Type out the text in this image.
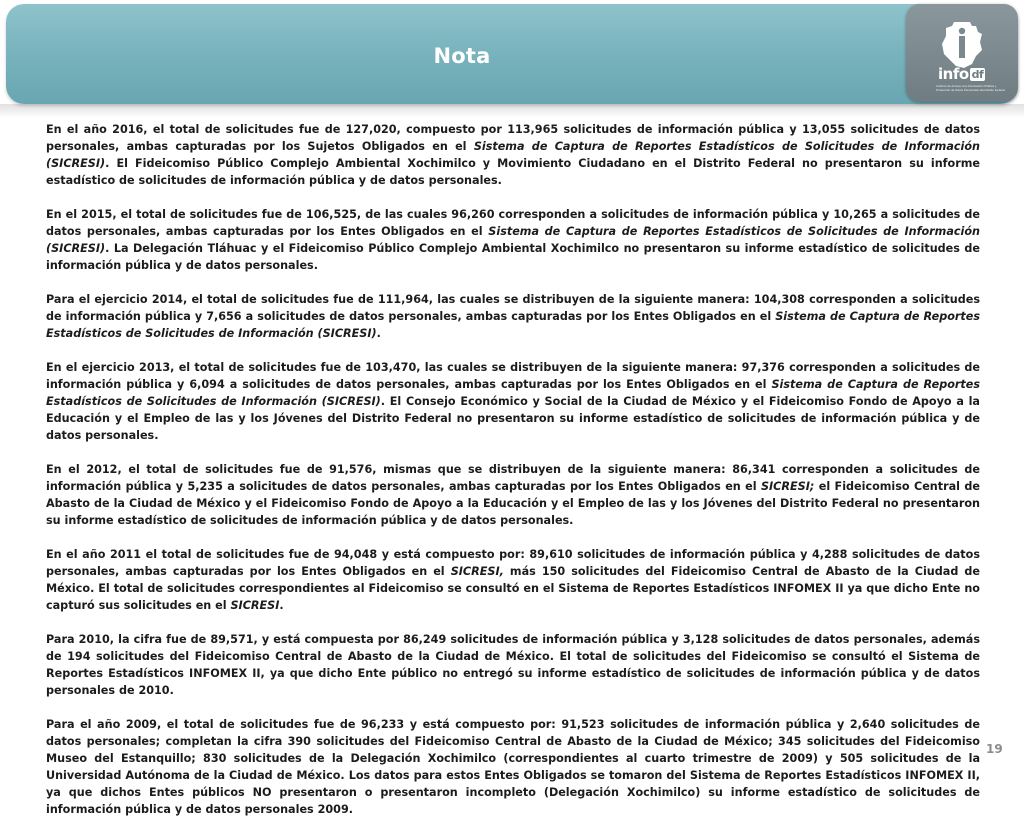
Nota
info df
Instituto de Acceso a la Información Pública y Protección de Datos Personales del Distrito Federal

En el año 2016, el total de solicitudes fue de 127,020, compuesto por 113,965 solicitudes de información pública y 13,055 solicitudes de datos personales, ambas capturadas por los Sujetos Obligados en el Sistema de Captura de Reportes Estadísticos de Solicitudes de Información (SICRESI). El Fideicomiso Público Complejo Ambiental Xochimilco y Movimiento Ciudadano en el Distrito Federal no presentaron su informe estadístico de solicitudes de información pública y de datos personales.

En el 2015, el total de solicitudes fue de 106,525, de las cuales 96,260 corresponden a solicitudes de información pública y 10,265 a solicitudes de datos personales, ambas capturadas por los Entes Obligados en el Sistema de Captura de Reportes Estadísticos de Solicitudes de Información (SICRESI). La Delegación Tláhuac y el Fideicomiso Público Complejo Ambiental Xochimilco no presentaron su informe estadístico de solicitudes de información pública y de datos personales.

Para el ejercicio 2014, el total de solicitudes fue de 111,964, las cuales se distribuyen de la siguiente manera: 104,308 corresponden a solicitudes de información pública y 7,656 a solicitudes de datos personales, ambas capturadas por los Entes Obligados en el Sistema de Captura de Reportes Estadísticos de Solicitudes de Información (SICRESI).

En el ejercicio 2013, el total de solicitudes fue de 103,470, las cuales se distribuyen de la siguiente manera: 97,376 corresponden a solicitudes de información pública y 6,094 a solicitudes de datos personales, ambas capturadas por los Entes Obligados en el Sistema de Captura de Reportes Estadísticos de Solicitudes de Información (SICRESI). El Consejo Económico y Social de la Ciudad de México y el Fideicomiso Fondo de Apoyo a la Educación y el Empleo de las y los Jóvenes del Distrito Federal no presentaron su informe estadístico de solicitudes de información pública y de datos personales.

En el 2012, el total de solicitudes fue de 91,576, mismas que se distribuyen de la siguiente manera: 86,341 corresponden a solicitudes de información pública y 5,235 a solicitudes de datos personales, ambas capturadas por los Entes Obligados en el SICRESI; el Fideicomiso Central de Abasto de la Ciudad de México y el Fideicomiso Fondo de Apoyo a la Educación y el Empleo de las y los Jóvenes del Distrito Federal no presentaron su informe estadístico de solicitudes de información pública y de datos personales.

En el año 2011 el total de solicitudes fue de 94,048 y está compuesto por: 89,610 solicitudes de información pública y 4,288 solicitudes de datos personales, ambas capturadas por los Entes Obligados en el SICRESI, más 150 solicitudes del Fideicomiso Central de Abasto de la Ciudad de México. El total de solicitudes correspondientes al Fideicomiso se consultó en el Sistema de Reportes Estadísticos INFOMEX II ya que dicho Ente no capturó sus solicitudes en el SICRESI.

Para 2010, la cifra fue de 89,571, y está compuesta por 86,249 solicitudes de información pública y 3,128 solicitudes de datos personales, además de 194 solicitudes del Fideicomiso Central de Abasto de la Ciudad de México. El total de solicitudes del Fideicomiso se consultó el Sistema de Reportes Estadísticos INFOMEX II, ya que dicho Ente público no entregó su informe estadístico de solicitudes de información pública y de datos personales de 2010.

Para el año 2009, el total de solicitudes fue de 96,233 y está compuesto por: 91,523 solicitudes de información pública y 2,640 solicitudes de datos personales; completan la cifra 390 solicitudes del Fideicomiso Central de Abasto de la Ciudad de México; 345 solicitudes del Fideicomiso Museo del Estanquillo; 830 solicitudes de la Delegación Xochimilco (correspondientes al cuarto trimestre de 2009) y 505 solicitudes de la Universidad Autónoma de la Ciudad de México. Los datos para estos Entes Obligados se tomaron del Sistema de Reportes Estadísticos INFOMEX II, ya que dichos Entes públicos NO presentaron o presentaron incompleto (Delegación Xochimilco) su informe estadístico de solicitudes de información pública y de datos personales 2009.

19
